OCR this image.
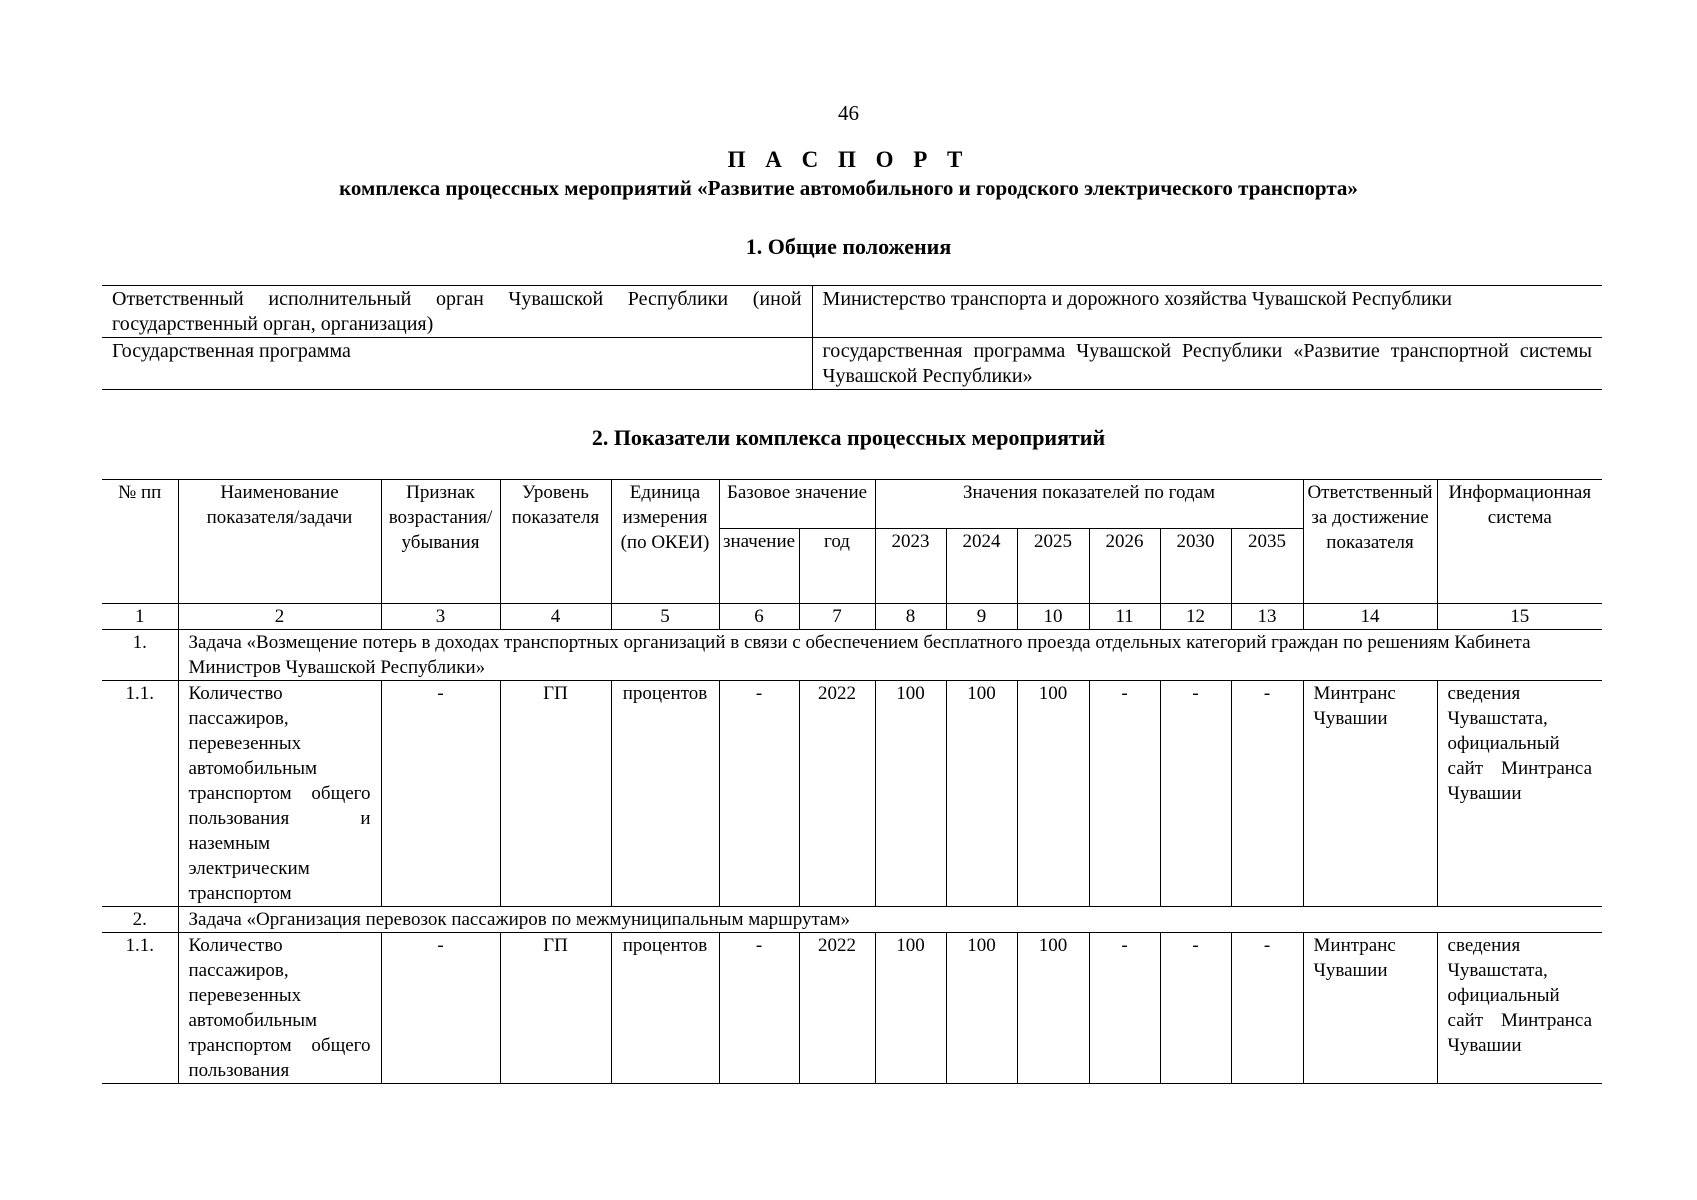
46
П А С П О Р Т
комплекса процессных мероприятий «Развитие автомобильного и городского электрического транспорта»
1. Общие положения
Ответственный исполнительный орган Чувашской Республики (иной государственный орган, организация)	Министерство транспорта и дорожного хозяйства Чувашской Республики
Государственная программа	государственная программа Чувашской Республики «Развитие транспортной системы Чувашской Республики»
2. Показатели комплекса процессных мероприятий
№ пп	Наименование показателя/задачи	Признак возрастания/убывания	Уровень показателя	Единица измерения (по ОКЕИ)	Базовое значение		Значения показателей по годам						Ответственный за достижение показателя	Информационная система
					значение	год	2023	2024	2025	2026	2030	2035		
1	2	3	4	5	6	7	8	9	10	11	12	13	14	15
1.	Задача «Возмещение потерь в доходах транспортных организаций в связи с обеспечением бесплатного проезда отдельных категорий граждан по решениям Кабинета Министров Чувашской Республики»													
1.1.	Количество пассажиров, перевезенных автомобильным транспортом общего пользования и наземным электрическим транспортом	-	ГП	процентов	-	2022	100	100	100	-	-	-	Минтранс Чувашии	сведения Чувашстата, официальный сайт Минтранса Чувашии
2.	Задача «Организация перевозок пассажиров по межмуниципальным маршрутам»													
1.1.	Количество пассажиров, перевезенных автомобильным транспортом общего пользования	-	ГП	процентов	-	2022	100	100	100	-	-	-	Минтранс Чувашии	сведения Чувашстата, официальный сайт Минтранса Чувашии
